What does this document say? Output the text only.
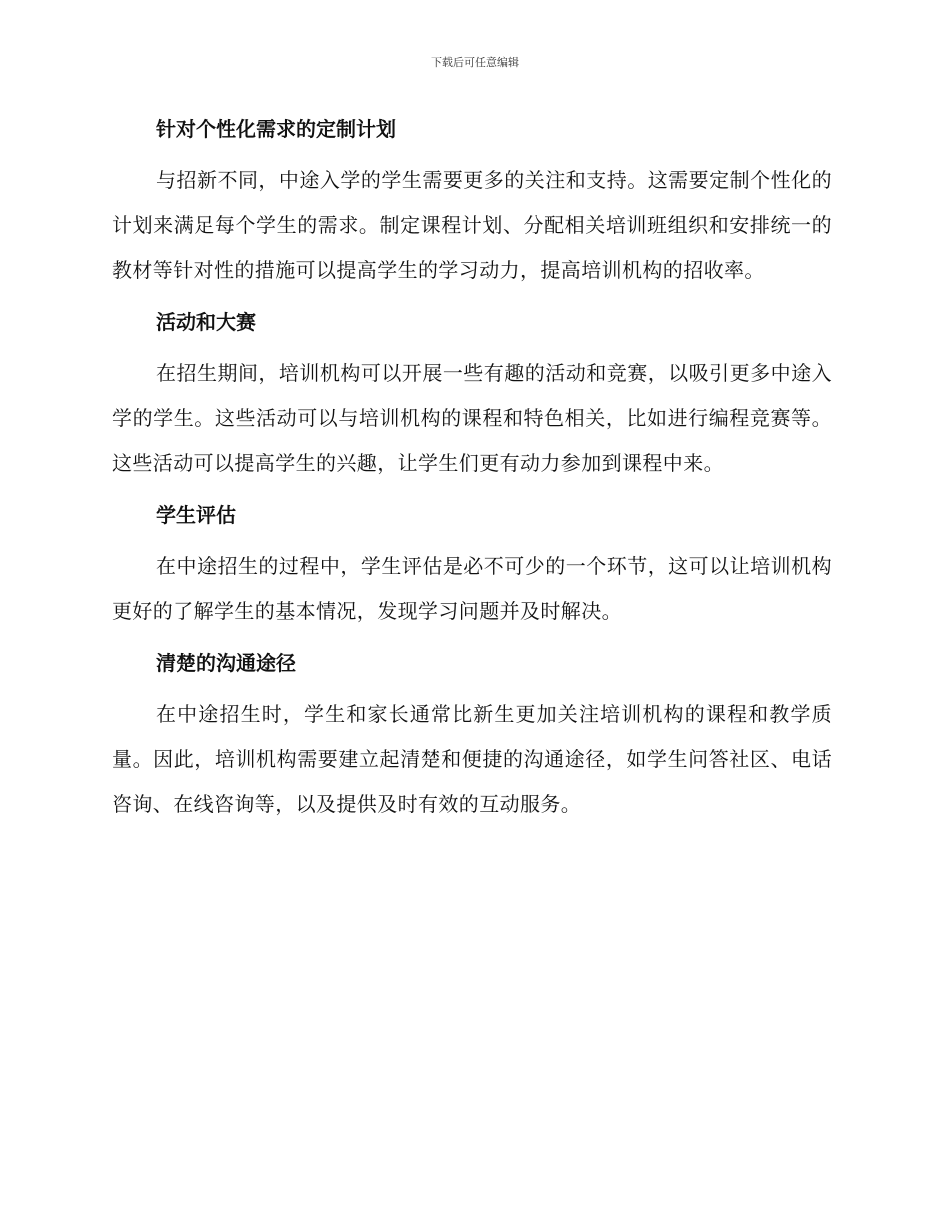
下载后可任意编辑
针对个性化需求的定制计划

与招新不同，中途入学的学生需要更多的关注和支持。这需要定制个性化的计划来满足每个学生的需求。制定课程计划、分配相关培训班组织和安排统一的教材等针对性的措施可以提高学生的学习动力，提高培训机构的招收率。

活动和大赛

在招生期间，培训机构可以开展一些有趣的活动和竞赛，以吸引更多中途入学的学生。这些活动可以与培训机构的课程和特色相关，比如进行编程竞赛等。这些活动可以提高学生的兴趣，让学生们更有动力参加到课程中来。

学生评估

在中途招生的过程中，学生评估是必不可少的一个环节，这可以让培训机构更好的了解学生的基本情况，发现学习问题并及时解决。

清楚的沟通途径

在中途招生时，学生和家长通常比新生更加关注培训机构的课程和教学质量。因此，培训机构需要建立起清楚和便捷的沟通途径，如学生问答社区、电话咨询、在线咨询等，以及提供及时有效的互动服务。
